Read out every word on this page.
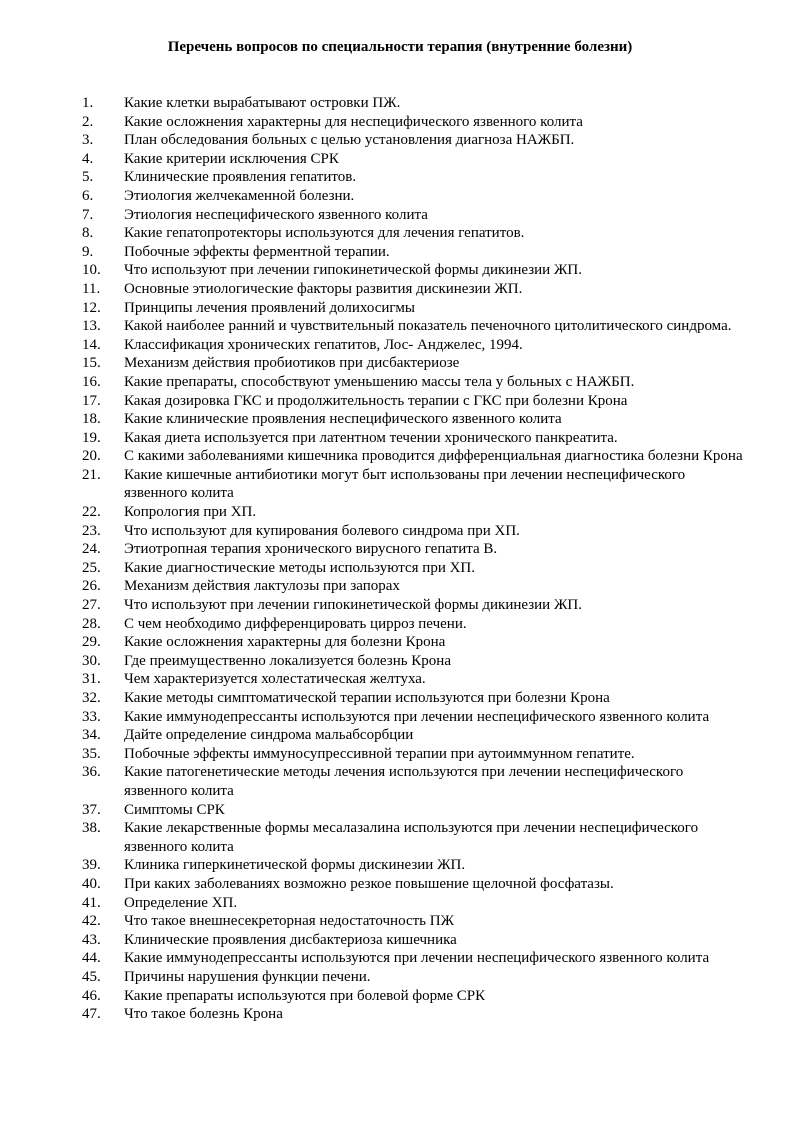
Перечень вопросов по специальности терапия (внутренние болезни)
1.	Какие клетки вырабатывают островки ПЖ.
2.	Какие осложнения характерны для неспецифического язвенного колита
3.	План обследования больных с целью установления диагноза НАЖБП.
4.	Какие критерии исключения СРК
5.	Клинические проявления гепатитов.
6.	Этиология желчекаменной болезни.
7.	Этиология неспецифического язвенного колита
8.	Какие гепатопротекторы используются для лечения гепатитов.
9.	Побочные эффекты ферментной терапии.
10.	Что используют при лечении гипокинетической формы дикинезии ЖП.
11.	Основные этиологические факторы развития дискинезии ЖП.
12.	Принципы лечения проявлений долихосигмы
13.	Какой наиболее ранний и чувствительный показатель печеночного цитолитического синдрома.
14.	Классификация хронических гепатитов, Лос- Анджелес, 1994.
15.	Механизм действия пробиотиков при дисбактериозе
16.	Какие препараты, способствуют уменьшению массы тела у больных с НАЖБП.
17.	Какая дозировка ГКС и продолжительность терапии с ГКС при болезни Крона
18.	Какие клинические проявления неспецифического язвенного колита
19.	Какая диета используется при латентном течении хронического панкреатита.
20.	С какими заболеваниями кишечника проводится дифференциальная диагностика болезни Крона
21.	Какие кишечные антибиотики могут быт использованы при лечении неспецифического язвенного колита
22.	Копрология при ХП.
23.	Что используют для купирования болевого синдрома при ХП.
24.	Этиотропная терапия хронического вирусного гепатита В.
25.	Какие диагностические методы используются при ХП.
26.	Механизм действия лактулозы при запорах
27.	Что используют при лечении гипокинетической формы дикинезии ЖП.
28.	С чем необходимо дифференцировать цирроз печени.
29.	Какие осложнения характерны для болезни Крона
30.	Где преимущественно локализуется болезнь Крона
31.	Чем характеризуется холестатическая желтуха.
32.	Какие методы симптоматической терапии используются при болезни Крона
33.	Какие иммунодепрессанты используются при лечении неспецифического язвенного колита
34.	Дайте определение синдрома мальабсорбции
35.	Побочные эффекты иммуносупрессивной терапии при аутоиммунном гепатите.
36.	Какие патогенетические методы лечения используются при лечении неспецифического язвенного колита
37.	Симптомы СРК
38.	Какие лекарственные формы месалазалина используются при лечении неспецифического язвенного колита
39.	Клиника гиперкинетической формы дискинезии ЖП.
40.	При каких заболеваниях возможно резкое повышение щелочной фосфатазы.
41.	Определение ХП.
42.	Что такое внешнесекреторная недостаточность ПЖ
43.	Клинические проявления дисбактериоза кишечника
44.	Какие иммунодепрессанты используются при лечении неспецифического язвенного колита
45.	Причины нарушения функции печени.
46.	Какие препараты используются при болевой форме СРК
47.	Что такое болезнь Крона
